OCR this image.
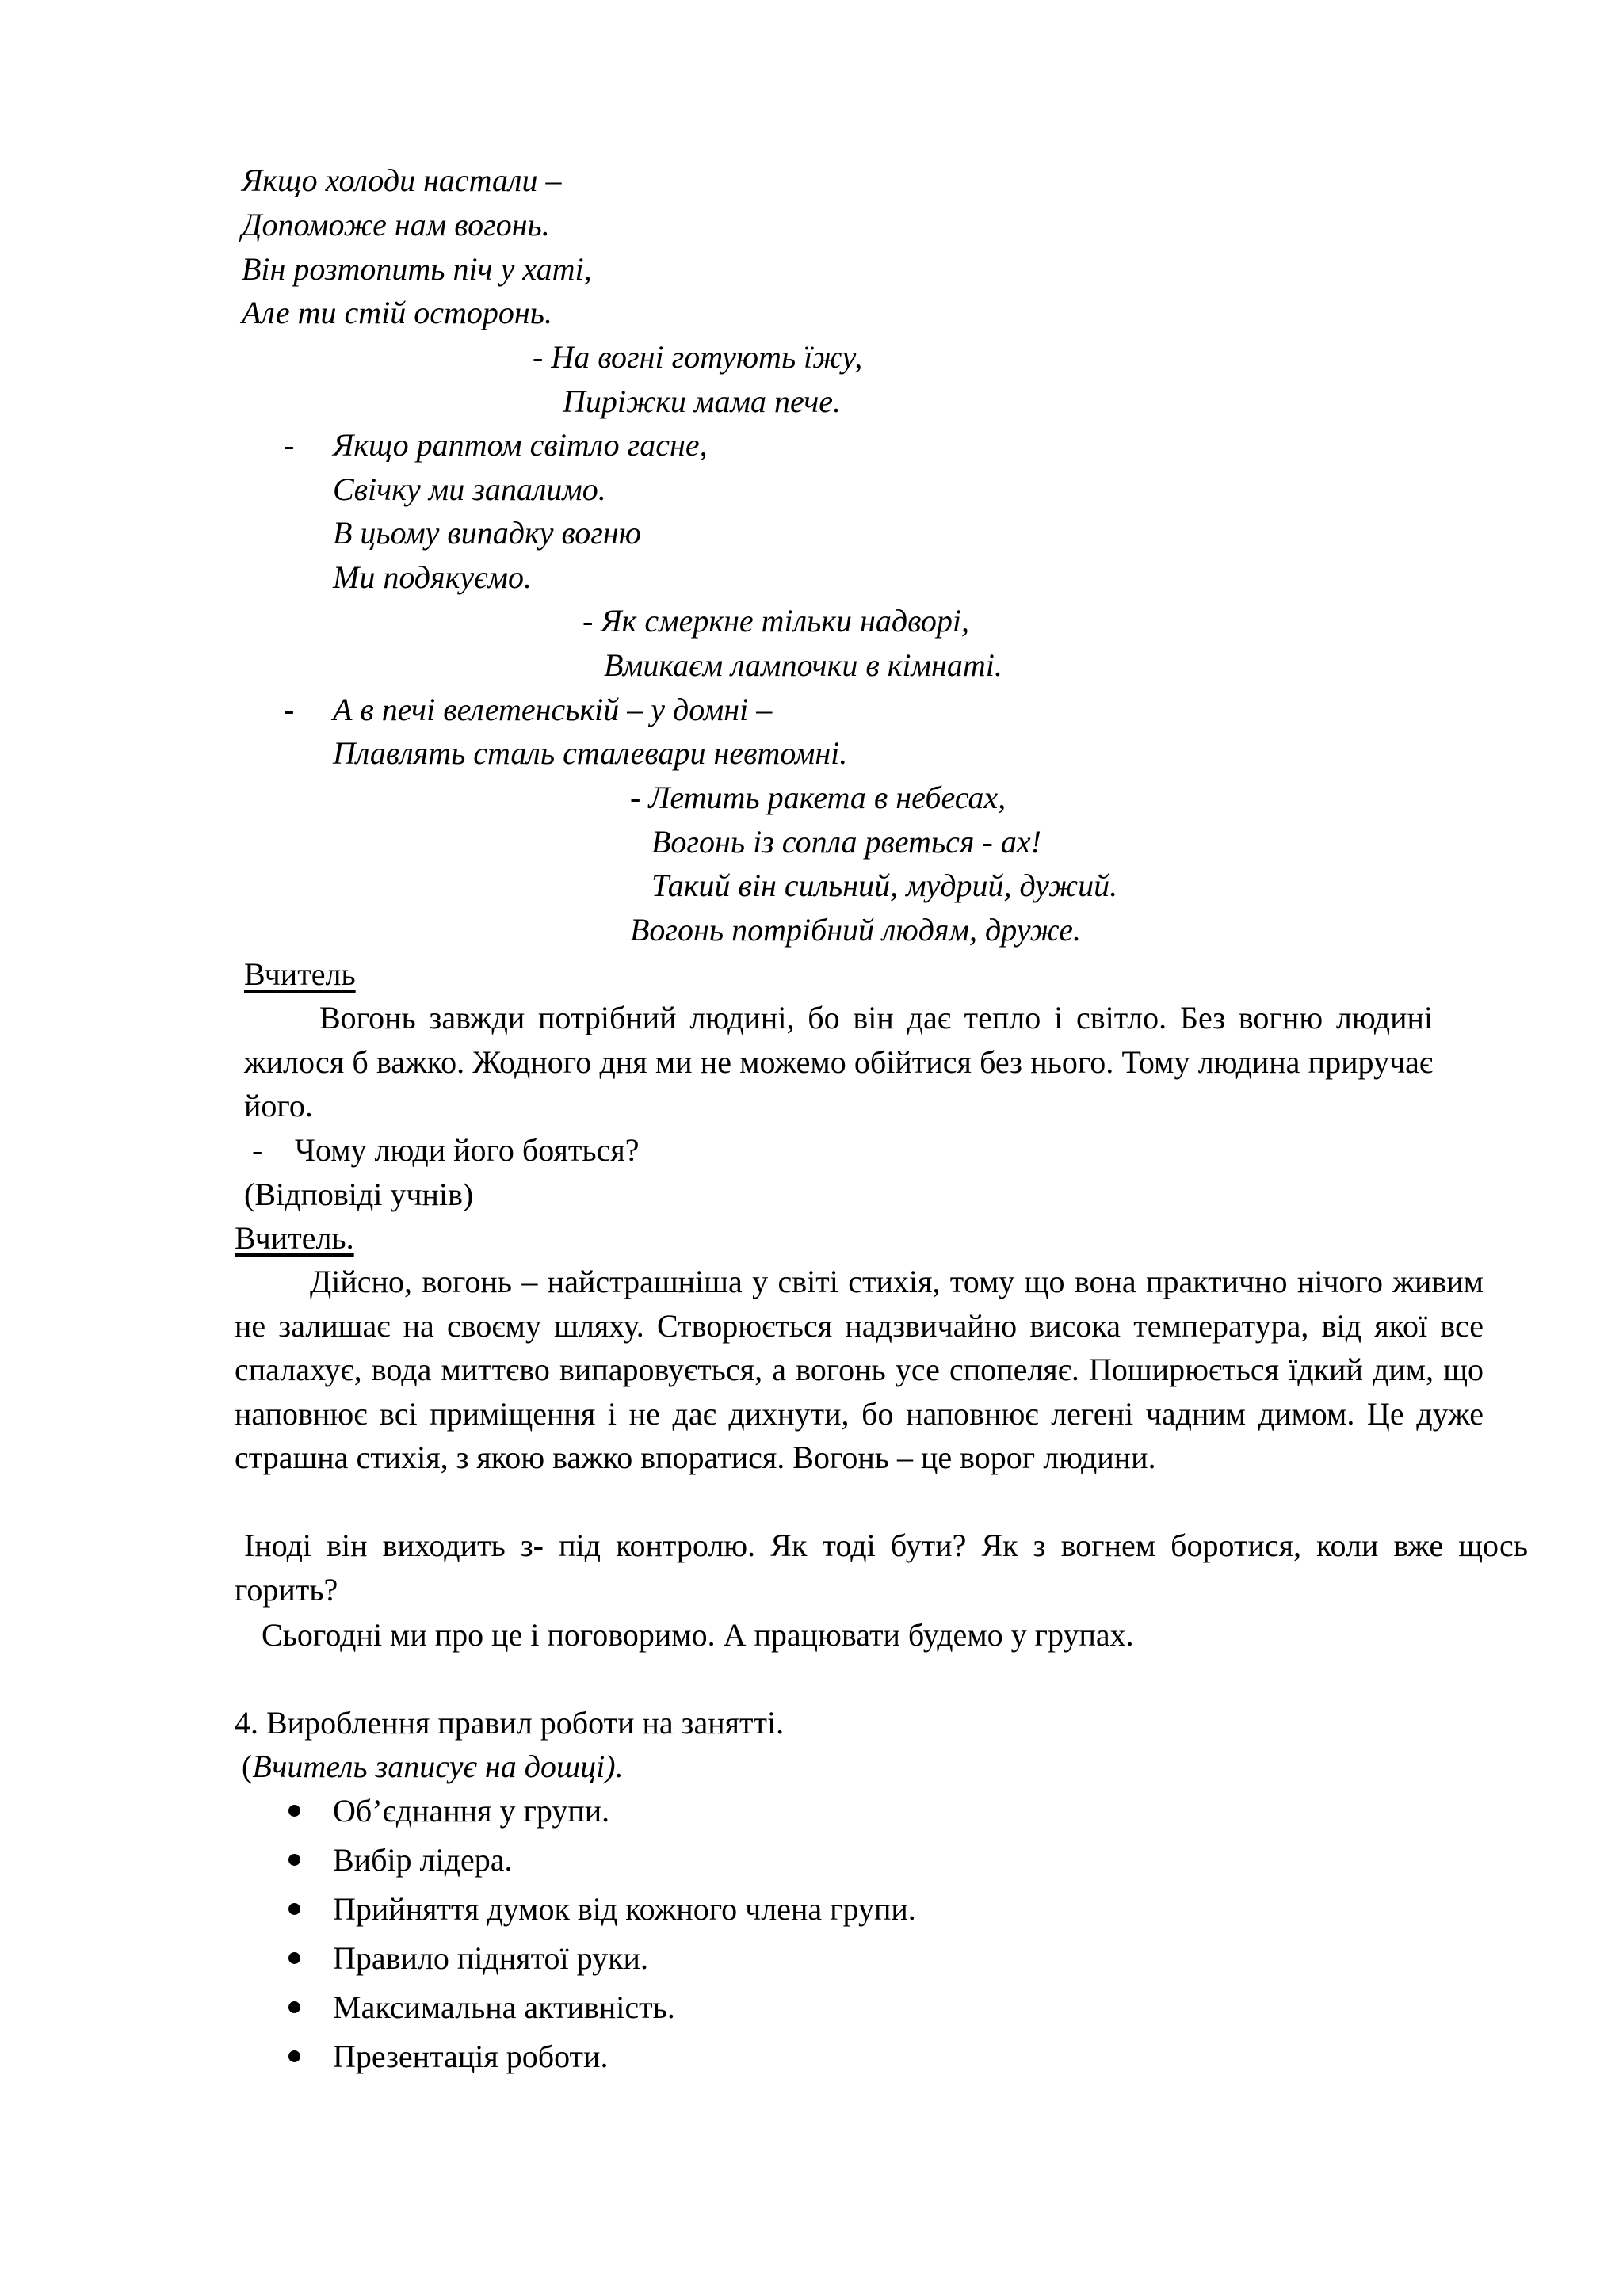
Якщо холоди настали –
Допоможе нам вогонь.
Він розтопить піч у хаті,
Але ти стій осторонь.
- На вогні готують їжу,
Пиріжки мама пече.
- Якщо раптом світло гасне,
Свічку ми запалимо.
В цьому випадку вогню
Ми подякуємо.
- Як смеркне тільки надворі,
Вмикаєм лампочки в кімнаті.
- А в печі велетенській – у домні –
Плавлять сталь сталевари невтомні.
- Летить ракета в небесах,
Вогонь із сопла рветься - ах!
Такий він сильний, мудрий, дужий.
Вогонь потрібний людям, друже.
Вчитель
Вогонь завжди потрібний людині, бо він дає тепло і світло. Без вогню людині жилося б важко. Жодного дня ми не можемо обійтися без нього. Тому людина приручає його.
- Чому люди його бояться?
(Відповіді учнів)
Вчитель.
Дійсно, вогонь – найстрашніша у світі стихія, тому що вона практично нічого живим не залишає на своєму шляху. Створюється надзвичайно висока температура, від якої все спалахує, вода миттєво випаровується, а вогонь усе спопеляє. Поширюється їдкий дим, що наповнює всі приміщення і не дає дихнути, бо наповнює легені чадним димом. Це дуже страшна стихія, з якою важко впоратися. Вогонь – це ворог людини.
Іноді він виходить з- під контролю. Як тоді бути? Як з вогнем боротися, коли вже щось горить?
Сьогодні ми про це і поговоримо. А працювати будемо у групах.
4. Вироблення правил роботи на занятті.
(Вчитель записує на дошці).
Об’єднання у групи.
Вибір лідера.
Прийняття думок від кожного члена групи.
Правило піднятої руки.
Максимальна активність.
Презентація роботи.
